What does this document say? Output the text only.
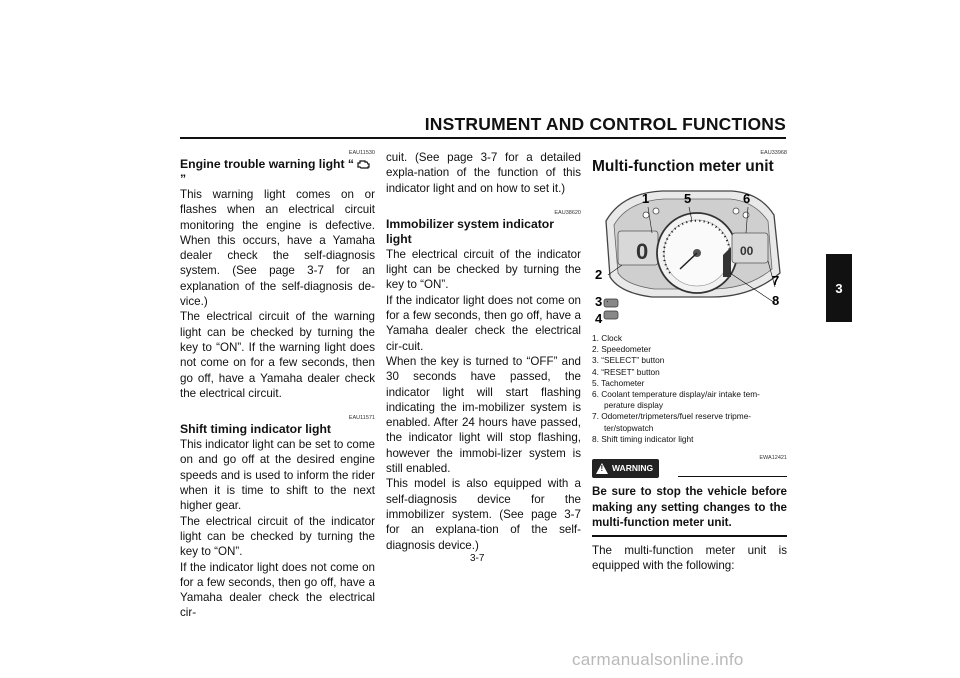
INSTRUMENT AND CONTROL FUNCTIONS
3

EAU11530

Engine trouble warning light “ ”

This warning light comes on or flashes when an electrical circuit monitoring the engine is defective. When this occurs, have a Yamaha dealer check the self-diagnosis system. (See page 3-7 for an explanation of the self-diagnosis de-vice.)

The electrical circuit of the warning light can be checked by turning the key to “ON”. If the warning light does not come on for a few seconds, then go off, have a Yamaha dealer check the electrical circuit.

EAU11571

Shift timing indicator light

This indicator light can be set to come on and go off at the desired engine speeds and is used to inform the rider when it is time to shift to the next higher gear.

The electrical circuit of the indicator light can be checked by turning the key to “ON”.

If the indicator light does not come on for a few seconds, then go off, have a Yamaha dealer check the electrical cir-

cuit. (See page 3-7 for a detailed expla-nation of the function of this indicator light and on how to set it.)

EAU38620

Immobilizer system indicator light

The electrical circuit of the indicator light can be checked by turning the key to “ON”.

If the indicator light does not come on for a few seconds, then go off, have a Yamaha dealer check the electrical cir-cuit.

When the key is turned to “OFF” and 30 seconds have passed, the indicator light will start flashing indicating the im-mobilizer system is enabled. After 24 hours have passed, the indicator light will stop flashing, however the immobi-lizer system is still enabled.

This model is also equipped with a self-diagnosis device for the immobilizer system. (See page 3-7 for an explana-tion of the self-diagnosis device.)

EAU33968

Multi-function meter unit

0	00
1	5	6
2	7
3	8
4
1. Clock
2. Speedometer
3. “SELECT” button
4. “RESET” button
5. Tachometer
6. Coolant temperature display/air intake tem-perature display
7. Odometer/tripmeters/fuel reserve tripme-ter/stopwatch
8. Shift timing indicator light
EWA12421
! WARNING

Be sure to stop the vehicle before making any setting changes to the multi-function meter unit.

The multi-function meter unit is equipped with the following:

3-7
carmanualsonline.info
